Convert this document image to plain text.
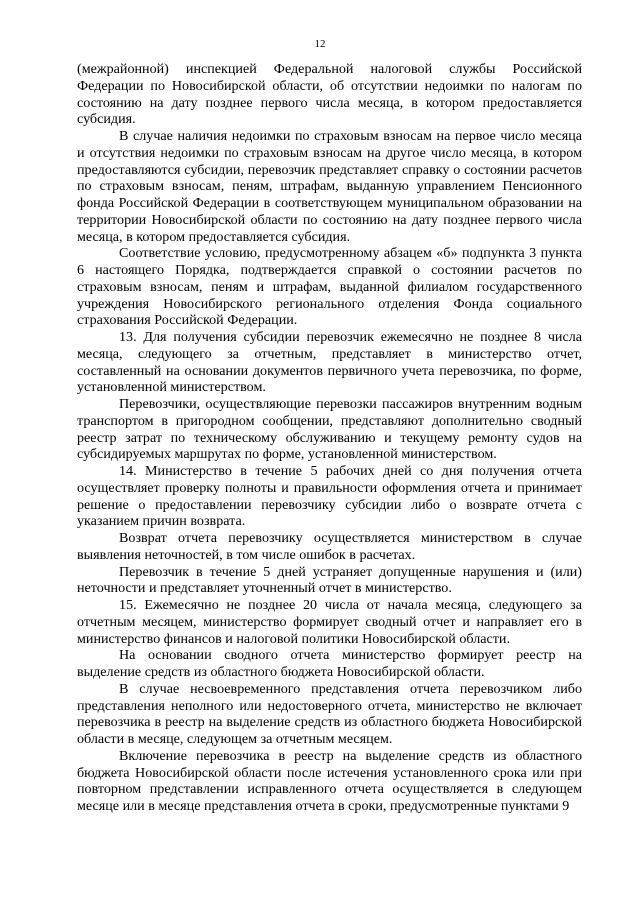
12

(межрайонной) инспекцией Федеральной налоговой службы Российской Федерации по Новосибирской области, об отсутствии недоимки по налогам по состоянию на дату позднее первого числа месяца, в котором предоставляется субсидия.

В случае наличия недоимки по страховым взносам на первое число месяца и отсутствия недоимки по страховым взносам на другое число месяца, в котором предоставляются субсидии, перевозчик представляет справку о состоянии расчетов по страховым взносам, пеням, штрафам, выданную управлением Пенсионного фонда Российской Федерации в соответствующем муниципальном образовании на территории Новосибирской области по состоянию на дату позднее первого числа месяца, в котором предоставляется субсидия.

Соответствие условию, предусмотренному абзацем «б» подпункта 3 пункта 6 настоящего Порядка, подтверждается справкой о состоянии расчетов по страховым взносам, пеням и штрафам, выданной филиалом государственного учреждения Новосибирского регионального отделения Фонда социального страхования Российской Федерации.

13. Для получения субсидии перевозчик ежемесячно не позднее 8 числа месяца, следующего за отчетным, представляет в министерство отчет, составленный на основании документов первичного учета перевозчика, по форме, установленной министерством.

Перевозчики, осуществляющие перевозки пассажиров внутренним водным транспортом в пригородном сообщении, представляют дополнительно сводный реестр затрат по техническому обслуживанию и текущему ремонту судов на субсидируемых маршрутах по форме, установленной министерством.

14. Министерство в течение 5 рабочих дней со дня получения отчета осуществляет проверку полноты и правильности оформления отчета и принимает решение о предоставлении перевозчику субсидии либо о возврате отчета с указанием причин возврата.

Возврат отчета перевозчику осуществляется министерством в случае выявления неточностей, в том числе ошибок в расчетах.

Перевозчик в течение 5 дней устраняет допущенные нарушения и (или) неточности и представляет уточненный отчет в министерство.

15. Ежемесячно не позднее 20 числа от начала месяца, следующего за отчетным месяцем, министерство формирует сводный отчет и направляет его в министерство финансов и налоговой политики Новосибирской области.

На основании сводного отчета министерство формирует реестр на выделение средств из областного бюджета Новосибирской области.

В случае несвоевременного представления отчета перевозчиком либо представления неполного или недостоверного отчета, министерство не включает перевозчика в реестр на выделение средств из областного бюджета Новосибирской области в месяце, следующем за отчетным месяцем.

Включение перевозчика в реестр на выделение средств из областного бюджета Новосибирской области после истечения установленного срока или при повторном представлении исправленного отчета осуществляется в следующем месяце или в месяце представления отчета в сроки, предусмотренные пунктами 9
